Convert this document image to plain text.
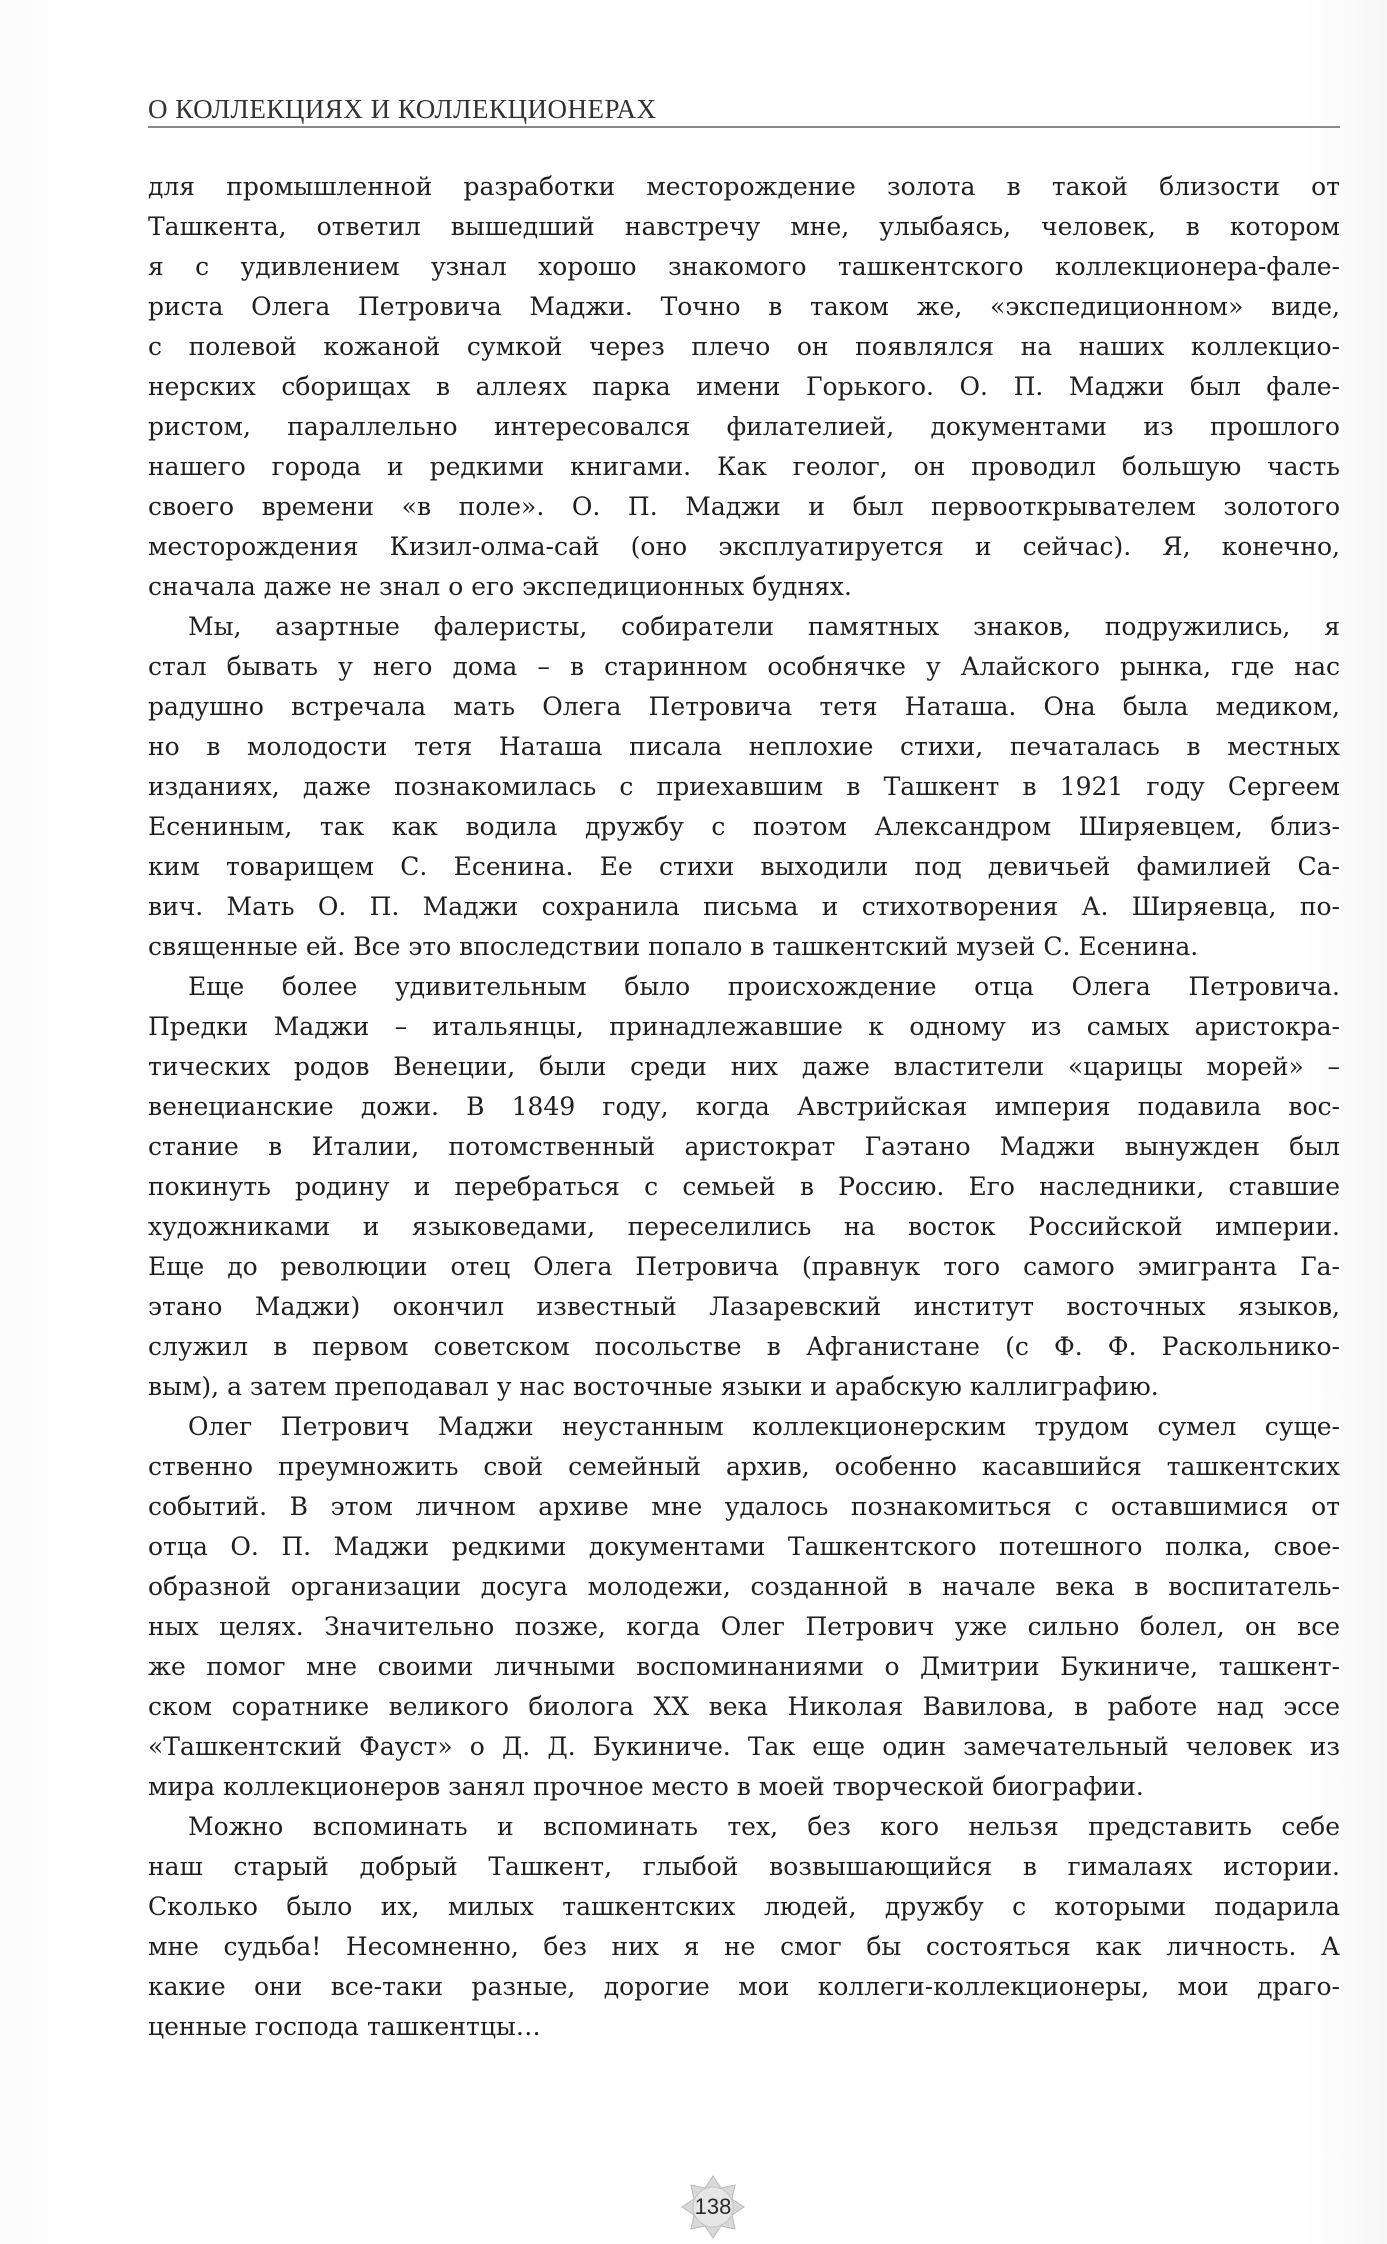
О КОЛЛЕКЦИЯХ И КОЛЛЕКЦИОНЕРАХ
для промышленной разработки месторождение золота в такой близости от
Ташкента, ответил вышедший навстречу мне, улыбаясь, человек, в котором
я с удивлением узнал хорошо знакомого ташкентского коллекционера-фале-
риста Олега Петровича Маджи. Точно в таком же, «экспедиционном» виде,
с полевой кожаной сумкой через плечо он появлялся на наших коллекцио-
нерских сборищах в аллеях парка имени Горького. О. П. Маджи был фале-
ристом, параллельно интересовался филателией, документами из прошлого
нашего города и редкими книгами. Как геолог, он проводил большую часть
своего времени «в поле». О. П. Маджи и был первооткрывателем золотого
месторождения Кизил-олма-сай (оно эксплуатируется и сейчас). Я, конечно,
сначала даже не знал о его экспедиционных буднях.
Мы, азартные фалеристы, собиратели памятных знаков, подружились, я
стал бывать у него дома – в старинном особнячке у Алайского рынка, где нас
радушно встречала мать Олега Петровича тетя Наташа. Она была медиком,
но в молодости тетя Наташа писала неплохие стихи, печаталась в местных
изданиях, даже познакомилась с приехавшим в Ташкент в 1921 году Сергеем
Есениным, так как водила дружбу с поэтом Александром Ширяевцем, близ-
ким товарищем С. Есенина. Ее стихи выходили под девичьей фамилией Са-
вич. Мать О. П. Маджи сохранила письма и стихотворения А. Ширяевца, по-
священные ей. Все это впоследствии попало в ташкентский музей С. Есенина.
Еще более удивительным было происхождение отца Олега Петровича.
Предки Маджи – итальянцы, принадлежавшие к одному из самых аристокра-
тических родов Венеции, были среди них даже властители «царицы морей» –
венецианские дожи. В 1849 году, когда Австрийская империя подавила вос-
стание в Италии, потомственный аристократ Гаэтано Маджи вынужден был
покинуть родину и перебраться с семьей в Россию. Его наследники, ставшие
художниками и языковедами, переселились на восток Российской империи.
Еще до революции отец Олега Петровича (правнук того самого эмигранта Га-
этано Маджи) окончил известный Лазаревский институт восточных языков,
служил в первом советском посольстве в Афганистане (с Ф. Ф. Раскольнико-
вым), а затем преподавал у нас восточные языки и арабскую каллиграфию.
Олег Петрович Маджи неустанным коллекционерским трудом сумел суще-
ственно преумножить свой семейный архив, особенно касавшийся ташкентских
событий. В этом личном архиве мне удалось познакомиться с оставшимися от
отца О. П. Маджи редкими документами Ташкентского потешного полка, свое-
образной организации досуга молодежи, созданной в начале века в воспитатель-
ных целях. Значительно позже, когда Олег Петрович уже сильно болел, он все
же помог мне своими личными воспоминаниями о Дмитрии Букиниче, ташкент-
ском соратнике великого биолога ХХ века Николая Вавилова, в работе над эссе
«Ташкентский Фауст» о Д. Д. Букиниче. Так еще один замечательный человек из
мира коллекционеров занял прочное место в моей творческой биографии.
Можно вспоминать и вспоминать тех, без кого нельзя представить себе
наш старый добрый Ташкент, глыбой возвышающийся в гималаях истории.
Сколько было их, милых ташкентских людей, дружбу с которыми подарила
мне судьба! Несомненно, без них я не смог бы состояться как личность. А
какие они все-таки разные, дорогие мои коллеги-коллекционеры, мои драго-
ценные господа ташкентцы…
138
